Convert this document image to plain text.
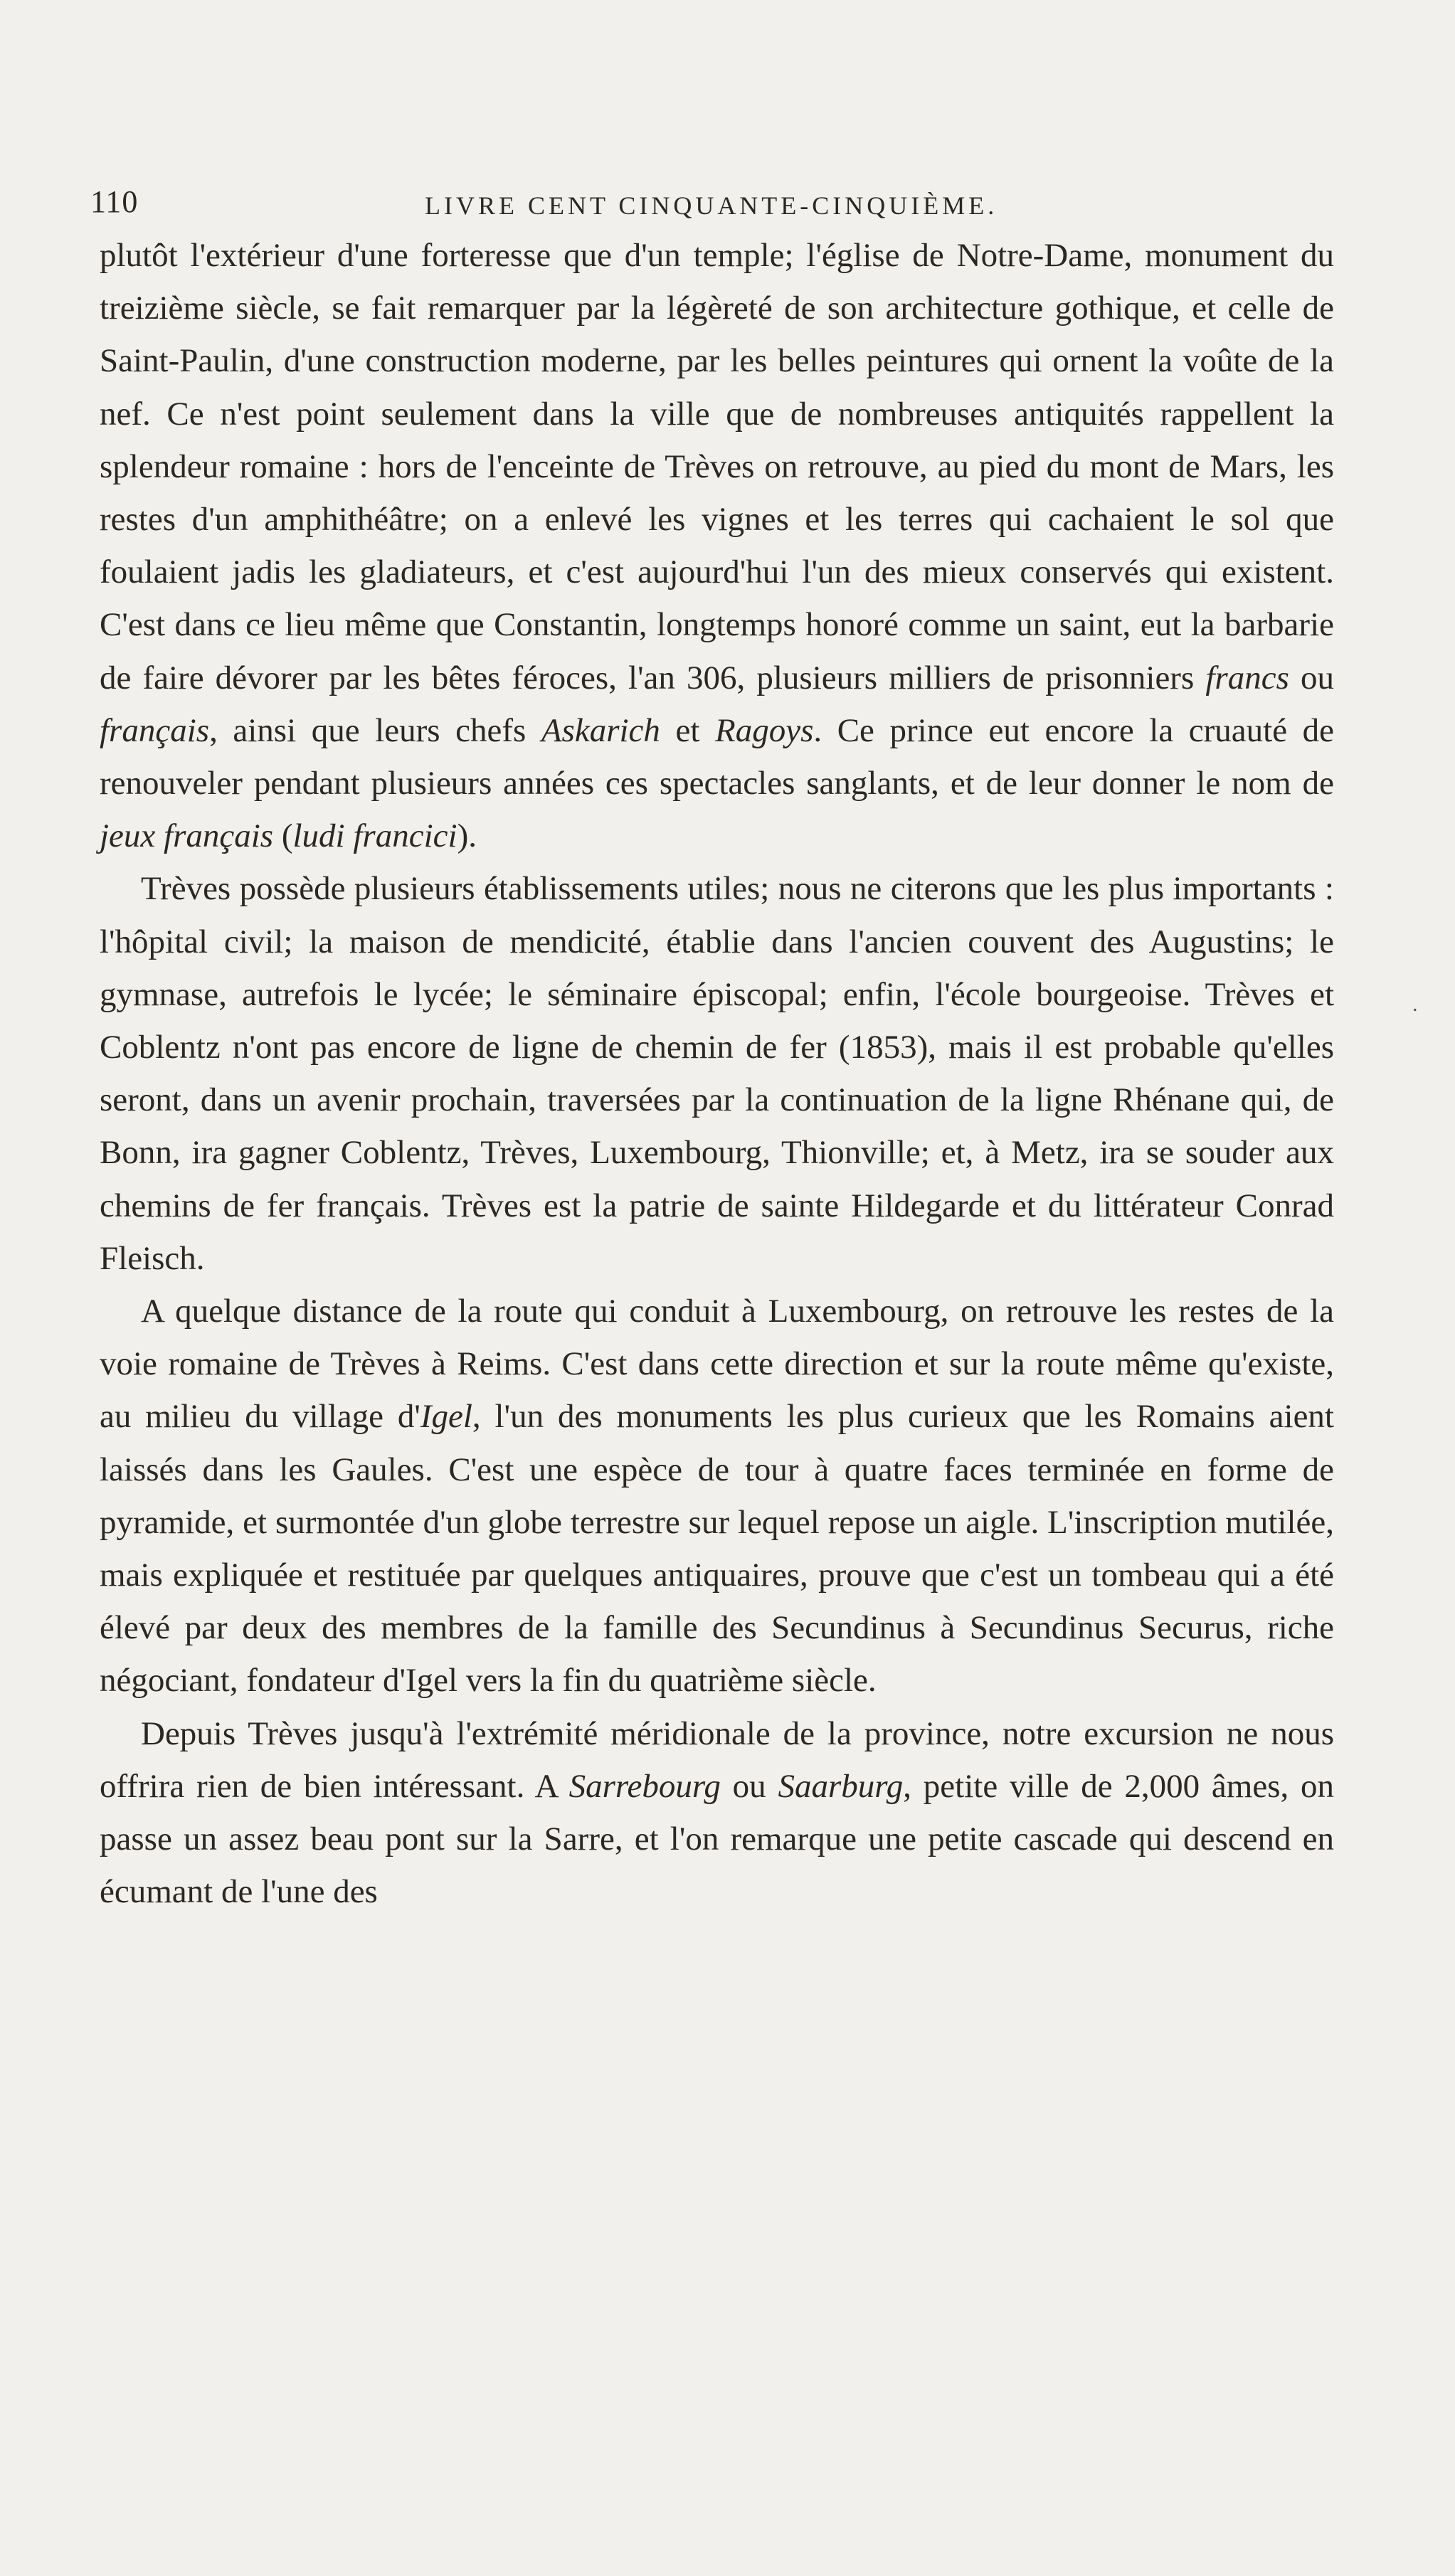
110	LIVRE CENT CINQUANTE-CINQUIÈME.

plutôt l'extérieur d'une forteresse que d'un temple; l'église de Notre-Dame, monument du treizième siècle, se fait remarquer par la légèreté de son architecture gothique, et celle de Saint-Paulin, d'une construction moderne, par les belles peintures qui ornent la voûte de la nef. Ce n'est point seulement dans la ville que de nombreuses antiquités rappellent la splendeur romaine : hors de l'enceinte de Trèves on retrouve, au pied du mont de Mars, les restes d'un amphithéâtre; on a enlevé les vignes et les terres qui cachaient le sol que foulaient jadis les gladiateurs, et c'est aujourd'hui l'un des mieux conservés qui existent. C'est dans ce lieu même que Constantin, longtemps honoré comme un saint, eut la barbarie de faire dévorer par les bêtes féroces, l'an 306, plusieurs milliers de prisonniers francs ou français, ainsi que leurs chefs Askarich et Ragoys. Ce prince eut encore la cruauté de renouveler pendant plusieurs années ces spectacles sanglants, et de leur donner le nom de jeux français (ludi francici).

Trèves possède plusieurs établissements utiles; nous ne citerons que les plus importants : l'hôpital civil; la maison de mendicité, établie dans l'ancien couvent des Augustins; le gymnase, autrefois le lycée; le séminaire épiscopal; enfin, l'école bourgeoise. Trèves et Coblentz n'ont pas encore de ligne de chemin de fer (1853), mais il est probable qu'elles seront, dans un avenir prochain, traversées par la continuation de la ligne Rhénane qui, de Bonn, ira gagner Coblentz, Trèves, Luxembourg, Thionville; et, à Metz, ira se souder aux chemins de fer français. Trèves est la patrie de sainte Hildegarde et du littérateur Conrad Fleisch.

A quelque distance de la route qui conduit à Luxembourg, on retrouve les restes de la voie romaine de Trèves à Reims. C'est dans cette direction et sur la route même qu'existe, au milieu du village d'Igel, l'un des monuments les plus curieux que les Romains aient laissés dans les Gaules. C'est une espèce de tour à quatre faces terminée en forme de pyramide, et surmontée d'un globe terrestre sur lequel repose un aigle. L'inscription mutilée, mais expliquée et restituée par quelques antiquaires, prouve que c'est un tombeau qui a été élevé par deux des membres de la famille des Secundinus à Secundinus Securus, riche négociant, fondateur d'Igel vers la fin du quatrième siècle.

Depuis Trèves jusqu'à l'extrémité méridionale de la province, notre excursion ne nous offrira rien de bien intéressant. A Sarrebourg ou Saarburg, petite ville de 2,000 âmes, on passe un assez beau pont sur la Sarre, et l'on remarque une petite cascade qui descend en écumant de l'une des

.
